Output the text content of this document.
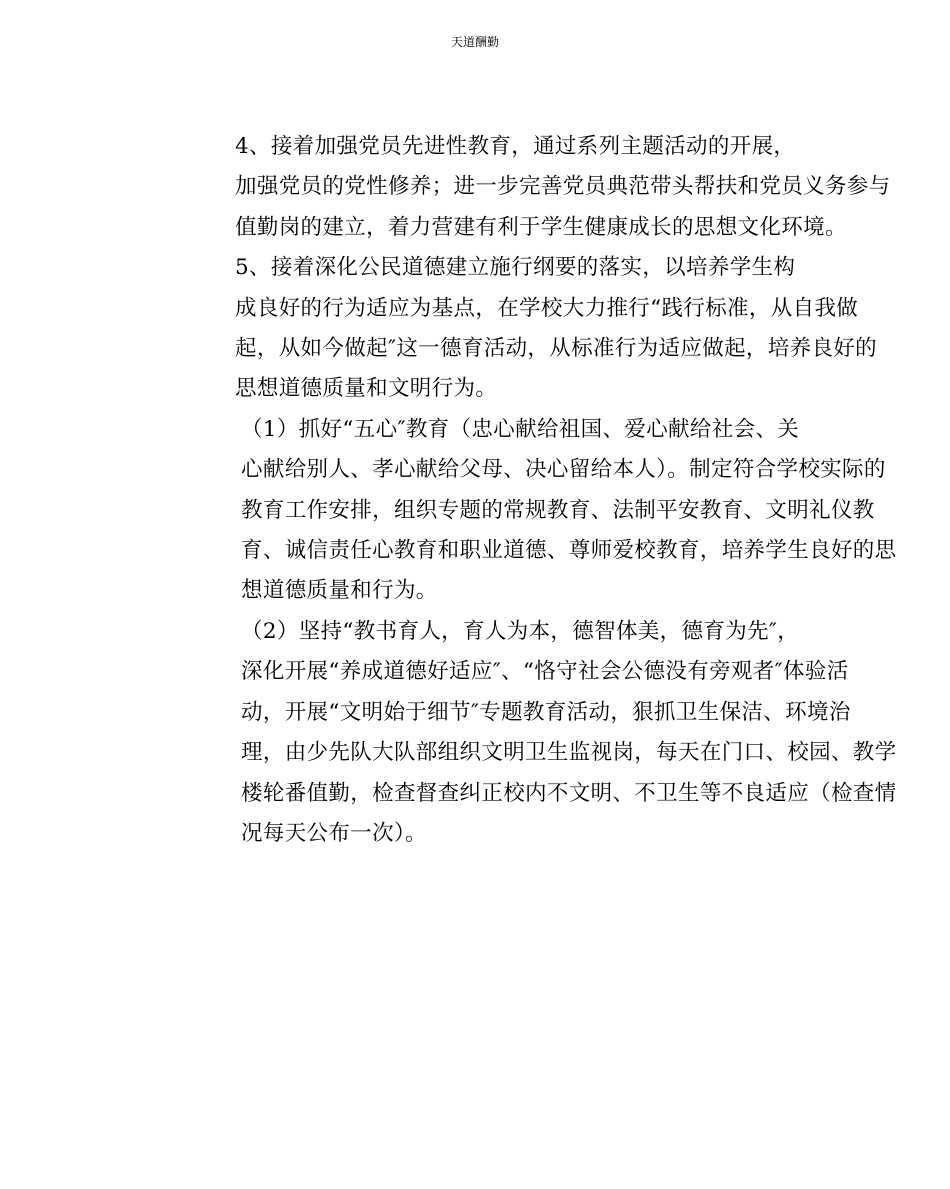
天道酬勤

4、接着加强党员先进性教育，通过系列主题活动的开展，
加强党员的党性修养；进一步完善党员典范带头帮扶和党员义务参与
值勤岗的建立，着力营建有利于学生健康成长的思想文化环境。

5、接着深化公民道德建立施行纲要的落实，以培养学生构
成良好的行为适应为基点，在学校大力推行“践行标准，从自我做
起，从如今做起″这一德育活动，从标准行为适应做起，培养良好的
思想道德质量和文明行为。

（1）抓好“五心″教育（忠心献给祖国、爱心献给社会、关
心献给别人、孝心献给父母、决心留给本人）。制定符合学校实际的
教育工作安排，组织专题的常规教育、法制平安教育、文明礼仪教
育、诚信责任心教育和职业道德、尊师爱校教育，培养学生良好的思
想道德质量和行为。

（2）坚持“教书育人，育人为本，德智体美，德育为先″，
深化开展“养成道德好适应″、“恪守社会公德没有旁观者″体验活
动，开展“文明始于细节″专题教育活动，狠抓卫生保洁、环境治
理，由少先队大队部组织文明卫生监视岗，每天在门口、校园、教学
楼轮番值勤，检查督查纠正校内不文明、不卫生等不良适应（检查情
况每天公布一次）。
